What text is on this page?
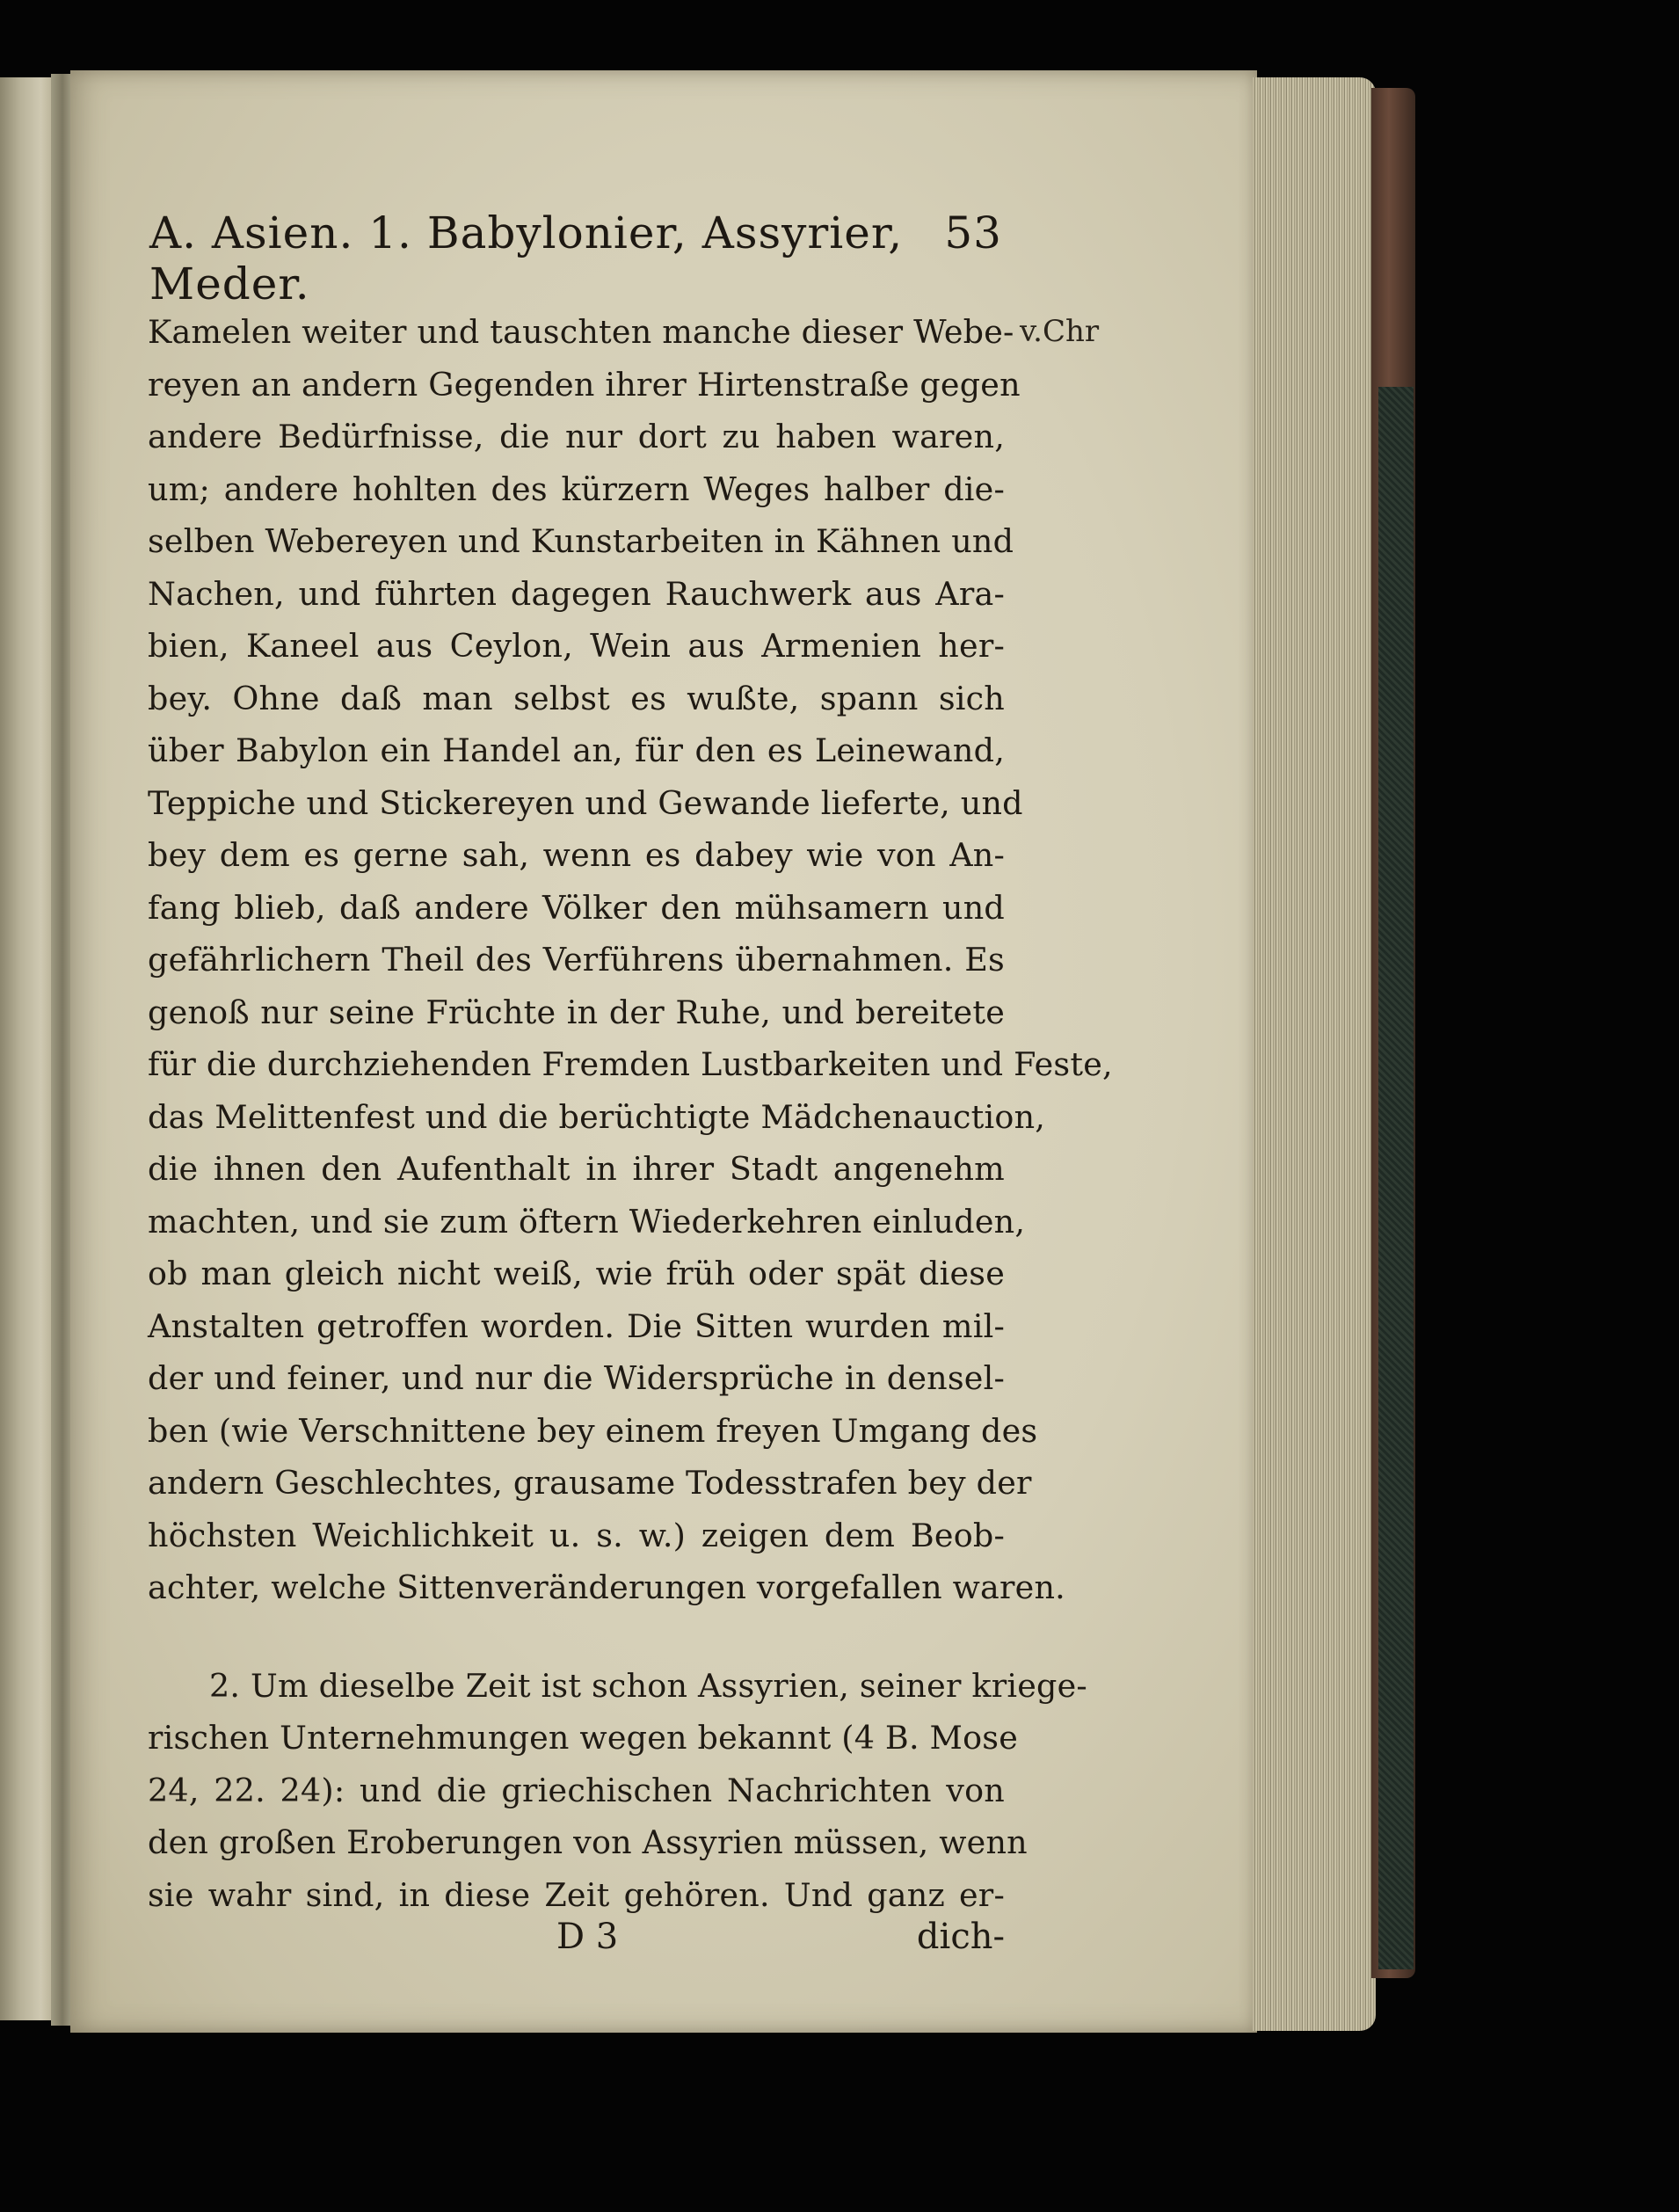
A. Asien. 1. Babylonier, Assyrier, Meder.
53
v.Chr
Kamelen weiter und tauschten manche dieser Webe-
reyen an andern Gegenden ihrer Hirtenstraße gegen
andere Bedürfnisse, die nur dort zu haben waren,
um; andere hohlten des kürzern Weges halber die-
selben Webereyen und Kunstarbeiten in Kähnen und
Nachen, und führten dagegen Rauchwerk aus Ara-
bien, Kaneel aus Ceylon, Wein aus Armenien her-
bey. Ohne daß man selbst es wußte, spann sich
über Babylon ein Handel an, für den es Leinewand,
Teppiche und Stickereyen und Gewande lieferte, und
bey dem es gerne sah, wenn es dabey wie von An-
fang blieb, daß andere Völker den mühsamern und
gefährlichern Theil des Verführens übernahmen. Es
genoß nur seine Früchte in der Ruhe, und bereitete
für die durchziehenden Fremden Lustbarkeiten und Feste,
das Melittenfest und die berüchtigte Mädchenauction,
die ihnen den Aufenthalt in ihrer Stadt angenehm
machten, und sie zum öftern Wiederkehren einluden,
ob man gleich nicht weiß, wie früh oder spät diese
Anstalten getroffen worden. Die Sitten wurden mil-
der und feiner, und nur die Widersprüche in densel-
ben (wie Verschnittene bey einem freyen Umgang des
andern Geschlechtes, grausame Todesstrafen bey der
höchsten Weichlichkeit u. s. w.) zeigen dem Beob-
achter, welche Sittenveränderungen vorgefallen waren.
2. Um dieselbe Zeit ist schon Assyrien, seiner kriege-
rischen Unternehmungen wegen bekannt (4 B. Mose
24, 22. 24): und die griechischen Nachrichten von
den großen Eroberungen von Assyrien müssen, wenn
sie wahr sind, in diese Zeit gehören. Und ganz er-
D 3	dich-
